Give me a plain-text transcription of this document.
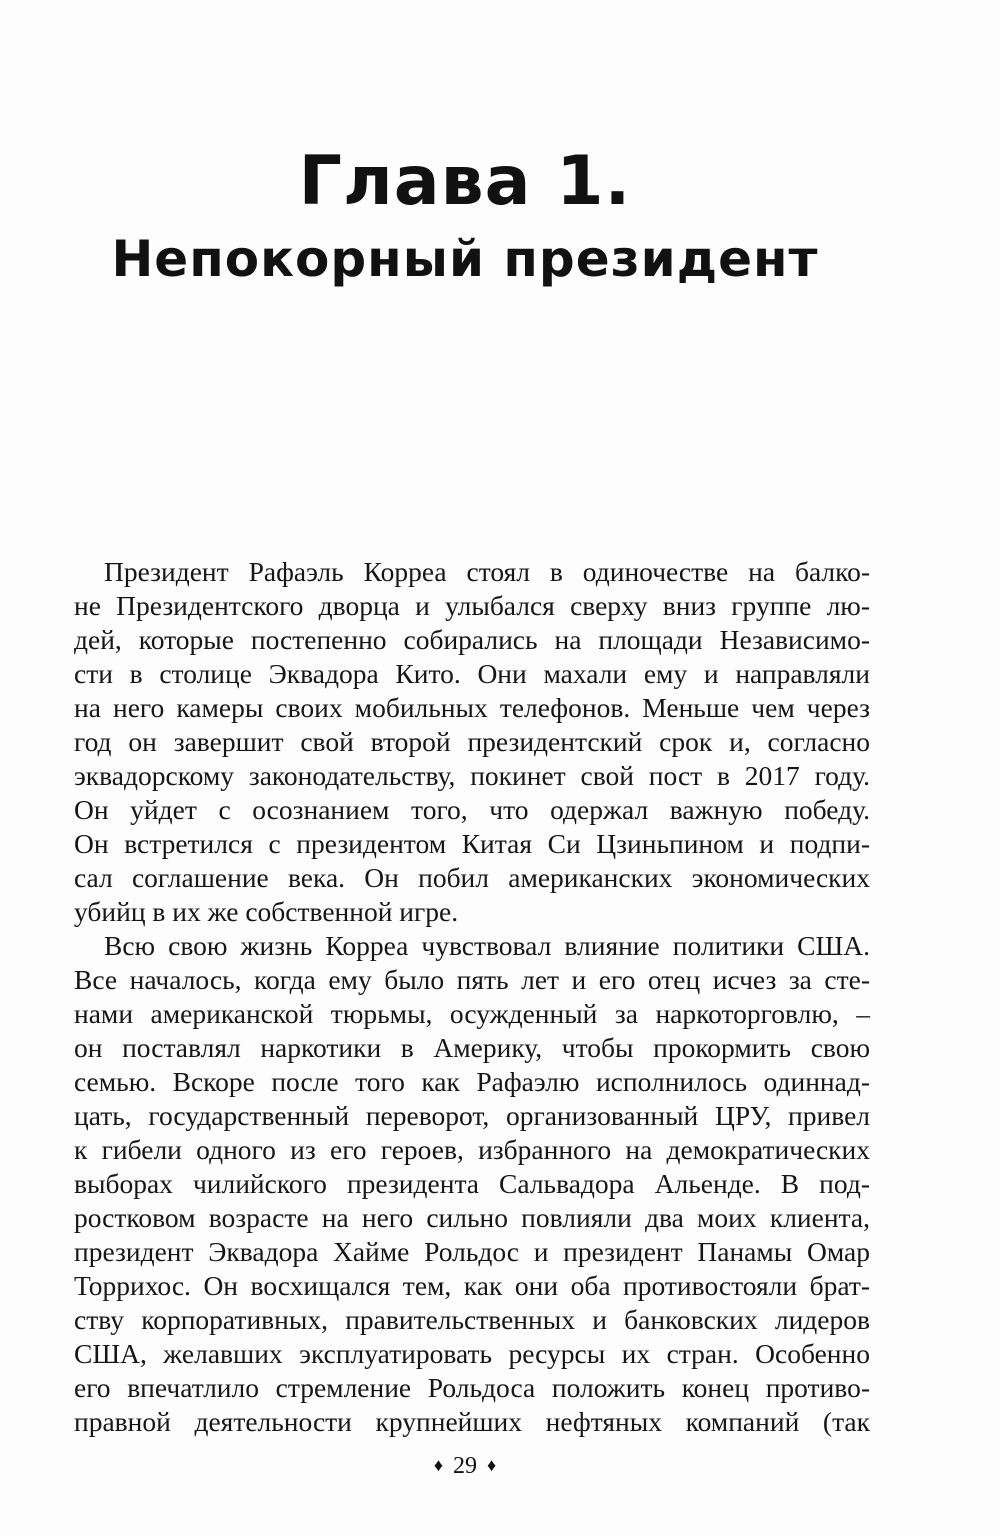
Глава 1.
Непокорный президент
Президент Рафаэль Корреа стоял в одиночестве на балко-
не Президентского дворца и улыбался сверху вниз группе лю-
дей, которые постепенно собирались на площади Независимо-
сти в столице Эквадора Кито. Они махали ему и направляли
на него камеры своих мобильных телефонов. Меньше чем через
год он завершит свой второй президентский срок и, согласно
эквадорскому законодательству, покинет свой пост в 2017 году.
Он уйдет с осознанием того, что одержал важную победу.
Он встретился с президентом Китая Си Цзиньпином и подпи-
сал соглашение века. Он побил американских экономических
убийц в их же собственной игре.
Всю свою жизнь Корреа чувствовал влияние политики США.
Все началось, когда ему было пять лет и его отец исчез за сте-
нами американской тюрьмы, осужденный за наркоторговлю, –
он поставлял наркотики в Америку, чтобы прокормить свою
семью. Вскоре после того как Рафаэлю исполнилось одиннад-
цать, государственный переворот, организованный ЦРУ, привел
к гибели одного из его героев, избранного на демократических
выборах чилийского президента Сальвадора Альенде. В под-
ростковом возрасте на него сильно повлияли два моих клиента,
президент Эквадора Хайме Рольдос и президент Панамы Омар
Торрихос. Он восхищался тем, как они оба противостояли брат-
ству корпоративных, правительственных и банковских лидеров
США, желавших эксплуатировать ресурсы их стран. Особенно
его впечатлило стремление Рольдоса положить конец противо-
правной деятельности крупнейших нефтяных компаний (так
♦ 29 ♦
